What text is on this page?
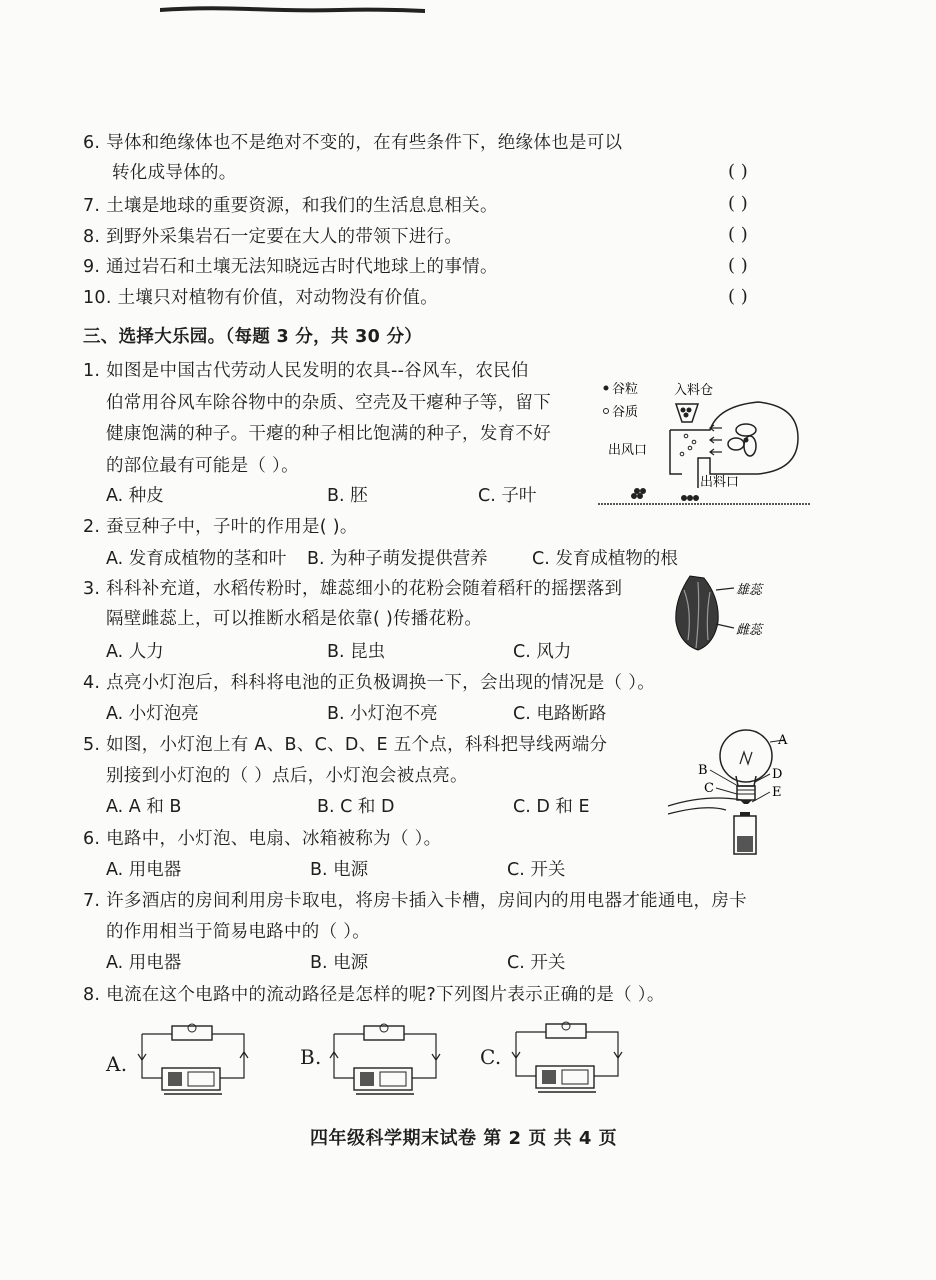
6. 导体和绝缘体也不是绝对不变的，在有些条件下，绝缘体也是可以
转化成导体的。	( )
7. 土壤是地球的重要资源，和我们的生活息息相关。	( )
8. 到野外采集岩石一定要在大人的带领下进行。	( )
9. 通过岩石和土壤无法知晓远古时代地球上的事情。	( )
10. 土壤只对植物有价值，对动物没有价值。	( )
三、选择大乐园。（每题 3 分，共 30 分）
1. 如图是中国古代劳动人民发明的农具--谷风车，农民伯
伯常用谷风车除谷物中的杂质、空壳及干瘪种子等，留下
健康饱满的种子。干瘪的种子相比饱满的种子，发育不好
的部位最有可能是（ ）。
A. 种皮	B. 胚	C. 子叶
谷粒
谷质
入料仓
出风口
出料口
2. 蚕豆种子中，子叶的作用是( )。
A. 发育成植物的茎和叶 B. 为种子萌发提供营养	C. 发育成植物的根
3. 科科补充道，水稻传粉时，雄蕊细小的花粉会随着稻秆的摇摆落到
隔壁雌蕊上，可以推断水稻是依靠( )传播花粉。
A. 人力	B. 昆虫	C. 风力
雄蕊
雌蕊
4. 点亮小灯泡后，科科将电池的正负极调换一下，会出现的情况是（ ）。
A. 小灯泡亮	B. 小灯泡不亮	C. 电路断路
5. 如图，小灯泡上有 A、B、C、D、E 五个点，科科把导线两端分
别接到小灯泡的（ ）点后，小灯泡会被点亮。
A. A 和 B	B. C 和 D	C. D 和 E
A
B	D
C	E
6. 电路中，小灯泡、电扇、冰箱被称为（ ）。
A. 用电器	B. 电源	C. 开关
7. 许多酒店的房间利用房卡取电，将房卡插入卡槽，房间内的用电器才能通电，房卡
的作用相当于简易电路中的（ ）。
A. 用电器	B. 电源	C. 开关
8. 电流在这个电路中的流动路径是怎样的呢?下列图片表示正确的是（ ）。
A.	B.	C.
四年级科学期末试卷 第 2 页 共 4 页
